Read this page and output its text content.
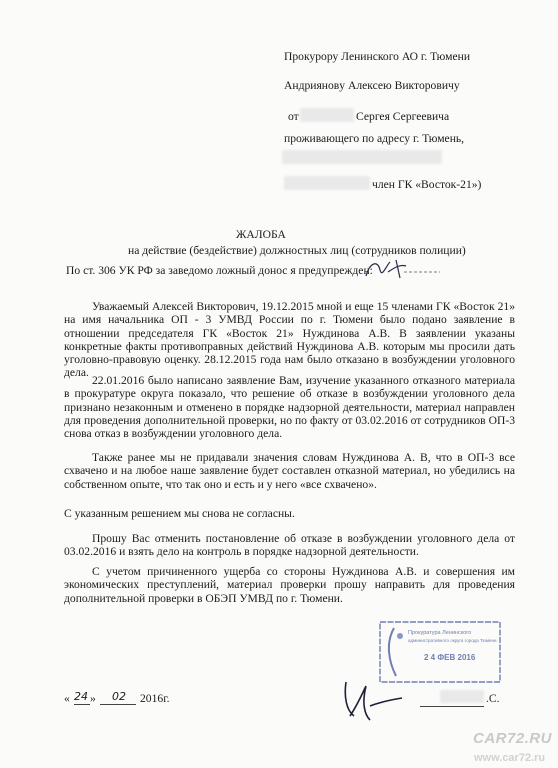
Прокурору Ленинского АО г. Тюмени
Андрияновy Алексею Викторовичу
от	Сергея Сергеевича
проживающего по адресу г. Тюмень,
член ГК «Восток-21»)
ЖАЛОБА
на действие (бездействие) должностных лиц (сотрудников полиции)
По ст. 306 УК РФ за заведомо ложный донос я предупрежден:
Уважаемый Алексей Викторович, 19.12.2015 мной и еще 15 членами ГК «Восток 21» на имя начальника ОП - 3 УМВД России по г. Тюмени было подано заявление в отношении председателя ГК «Восток 21» Нуждинова А.В. В заявлении указаны конкретные факты противоправных действий Нуждинова А.В. которым мы просили дать уголовно-правовую оценку. 28.12.2015 года нам было отказано в возбуждении уголовного дела.
22.01.2016 было написано заявление Вам, изучение указанного отказного материала в прокуратуре округа показало, что решение об отказе в возбуждении уголовного дела признано незаконным и отменено в порядке надзорной деятельности, материал направлен для проведения дополнительной проверки, но по факту от 03.02.2016 от сотрудников ОП-3 снова отказ в возбуждении уголовного дела.
Также ранее мы не придавали значения словам Нуждинова А. В, что в ОП-3 все схвачено и на любое наше заявление будет составлен отказной материал, но убедились на собственном опыте, что так оно и есть и у него «все схвачено».
С указанным решением мы снова не согласны.
Прошу Вас отменить постановление об отказе в возбуждении уголовного дела от 03.02.2016 и взять дело на контроль в порядке надзорной деятельности.
С учетом причиненного ущерба со стороны Нуждинова А.В. и совершения им экономических преступлений, материал проверки прошу направить для проведения дополнительной проверки в ОБЭП УМВД по г. Тюмени.
Прокуратура Ленинского
административного округа города Тюмени
2 4 ФЕВ 2016
« 24 » 02 2016г.	.С.
CAR72.RU
www.car72.ru
